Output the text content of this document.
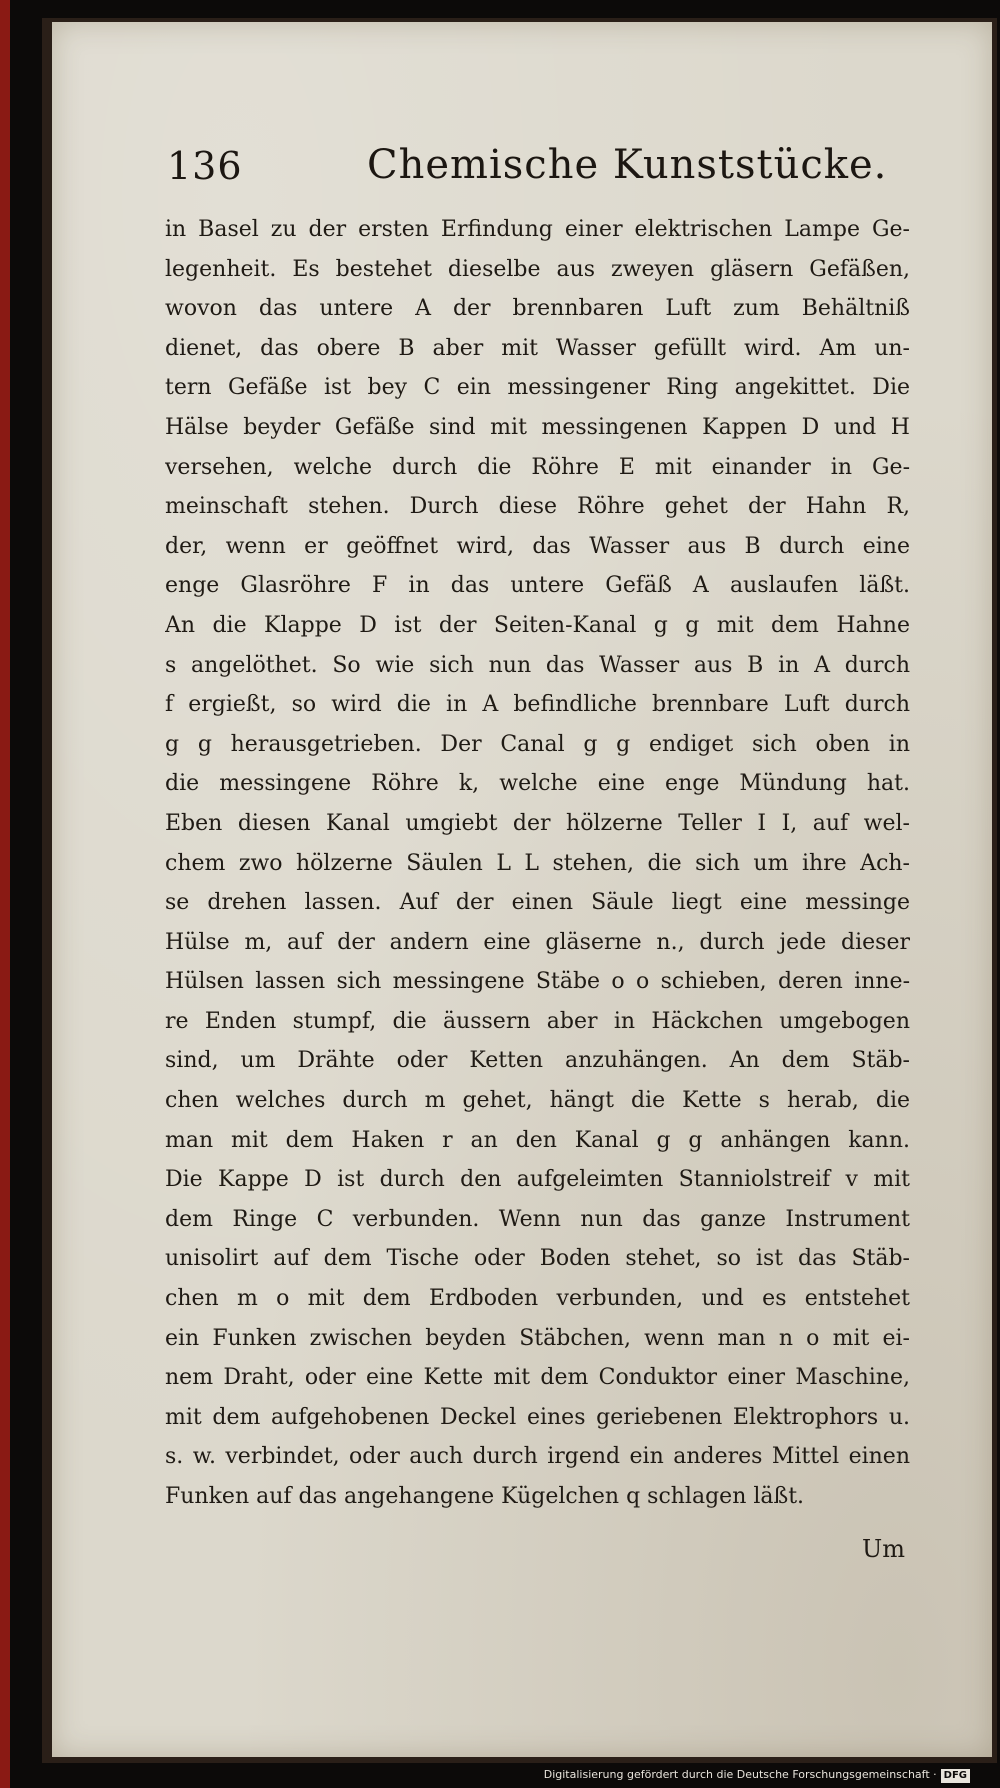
136	Chemische Kunststücke.
in Basel zu der ersten Erfindung einer elektrischen Lampe Ge-
legenheit. Es bestehet dieselbe aus zweyen gläsern Gefäßen,
wovon das untere A der brennbaren Luft zum Behältniß
dienet, das obere B aber mit Wasser gefüllt wird. Am un-
tern Gefäße ist bey C ein messingener Ring angekittet. Die
Hälse beyder Gefäße sind mit messingenen Kappen D und H
versehen, welche durch die Röhre E mit einander in Ge-
meinschaft stehen. Durch diese Röhre gehet der Hahn R,
der, wenn er geöffnet wird, das Wasser aus B durch eine
enge Glasröhre F in das untere Gefäß A auslaufen läßt.
An die Klappe D ist der Seiten-Kanal g g mit dem Hahne
s angelöthet. So wie sich nun das Wasser aus B in A durch
f ergießt, so wird die in A befindliche brennbare Luft durch
g g herausgetrieben. Der Canal g g endiget sich oben in
die messingene Röhre k, welche eine enge Mündung hat.
Eben diesen Kanal umgiebt der hölzerne Teller I I, auf wel-
chem zwo hölzerne Säulen L L stehen, die sich um ihre Ach-
se drehen lassen. Auf der einen Säule liegt eine messinge
Hülse m, auf der andern eine gläserne n., durch jede dieser
Hülsen lassen sich messingene Stäbe o o schieben, deren inne-
re Enden stumpf, die äussern aber in Häckchen umgebogen
sind, um Drähte oder Ketten anzuhängen. An dem Stäb-
chen welches durch m gehet, hängt die Kette s herab, die
man mit dem Haken r an den Kanal g g anhängen kann.
Die Kappe D ist durch den aufgeleimten Stanniolstreif v mit
dem Ringe C verbunden. Wenn nun das ganze Instrument
unisolirt auf dem Tische oder Boden stehet, so ist das Stäb-
chen m o mit dem Erdboden verbunden, und es entstehet
ein Funken zwischen beyden Stäbchen, wenn man n o mit ei-
nem Draht, oder eine Kette mit dem Conduktor einer Maschine,
mit dem aufgehobenen Deckel eines geriebenen Elektrophors u.
s. w. verbindet, oder auch durch irgend ein anderes Mittel einen
Funken auf das angehangene Kügelchen q schlagen läßt.
Um
Digitalisierung gefördert durch die Deutsche Forschungsgemeinschaft · DFG
